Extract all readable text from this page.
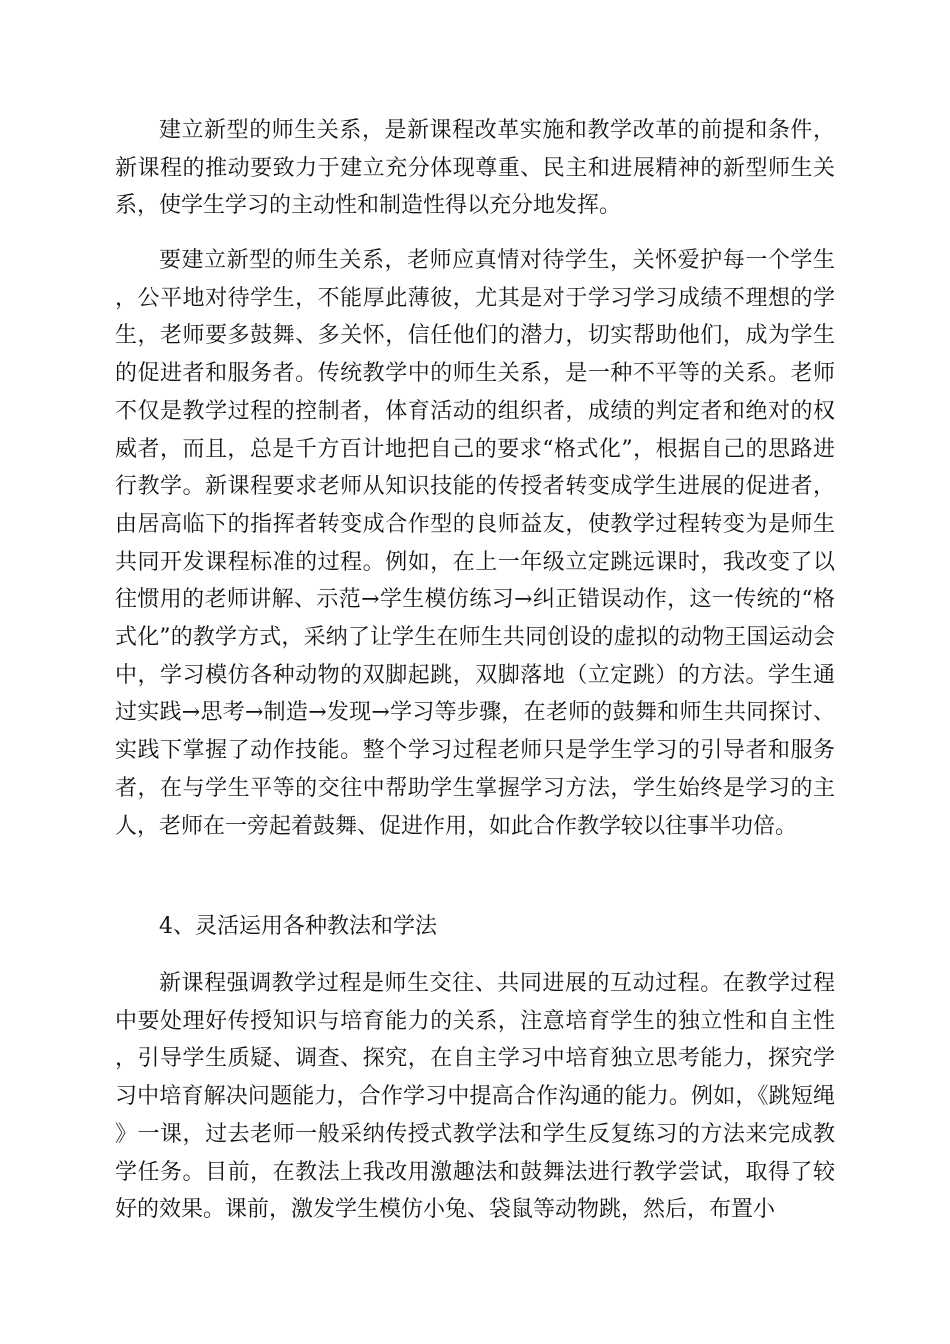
建立新型的师生关系，是新课程改革实施和教学改革的前提和条件，新课程的推动要致力于建立充分体现尊重、民主和进展精神的新型师生关系，使学生学习的主动性和制造性得以充分地发挥。

要建立新型的师生关系，老师应真情对待学生，关怀爱护每一个学生，公平地对待学生，不能厚此薄彼，尤其是对于学习学习成绩不理想的学生，老师要多鼓舞、多关怀，信任他们的潜力，切实帮助他们，成为学生的促进者和服务者。传统教学中的师生关系，是一种不平等的关系。老师不仅是教学过程的控制者，体育活动的组织者，成绩的判定者和绝对的权威者，而且，总是千方百计地把自己的要求“格式化”，根据自己的思路进行教学。新课程要求老师从知识技能的传授者转变成学生进展的促进者，由居高临下的指挥者转变成合作型的良师益友，使教学过程转变为是师生共同开发课程标准的过程。例如，在上一年级立定跳远课时，我改变了以往惯用的老师讲解、示范→学生模仿练习→纠正错误动作，这一传统的“格式化”的教学方式，采纳了让学生在师生共同创设的虚拟的动物王国运动会中，学习模仿各种动物的双脚起跳，双脚落地（立定跳）的方法。学生通过实践→思考→制造→发现→学习等步骤，在老师的鼓舞和师生共同探讨、实践下掌握了动作技能。整个学习过程老师只是学生学习的引导者和服务者，在与学生平等的交往中帮助学生掌握学习方法，学生始终是学习的主人，老师在一旁起着鼓舞、促进作用，如此合作教学较以往事半功倍。

4、灵活运用各种教法和学法

新课程强调教学过程是师生交往、共同进展的互动过程。在教学过程中要处理好传授知识与培育能力的关系，注意培育学生的独立性和自主性，引导学生质疑、调查、探究，在自主学习中培育独立思考能力，探究学习中培育解决问题能力，合作学习中提高合作沟通的能力。例如，《跳短绳》一课，过去老师一般采纳传授式教学法和学生反复练习的方法来完成教学任务。目前，在教法上我改用激趣法和鼓舞法进行教学尝试，取得了较好的效果。课前，激发学生模仿小兔、袋鼠等动物跳，然后，布置小
